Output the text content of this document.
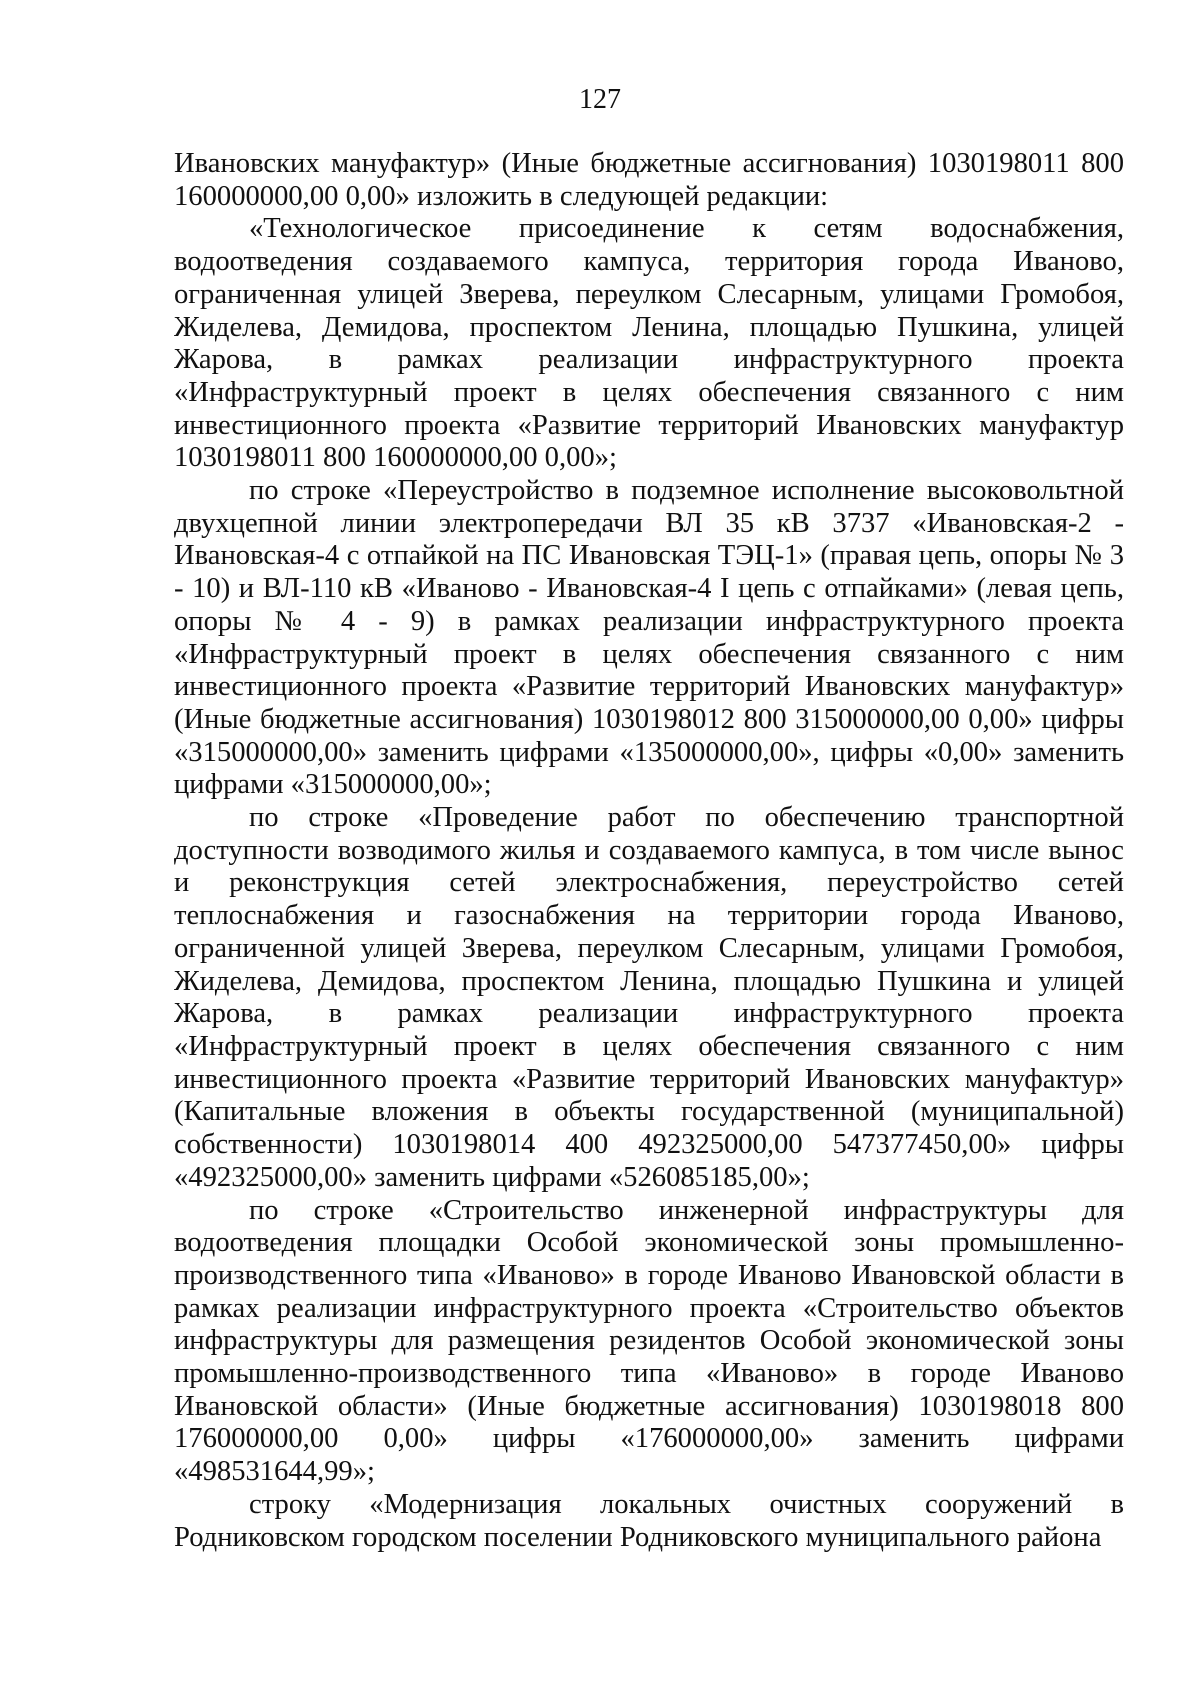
127

Ивановских мануфактур» (Иные бюджетные ассигнования) 1030198011 800 160000000,00 0,00» изложить в следующей редакции:

«Технологическое присоединение к сетям водоснабжения, водоотведения создаваемого кампуса, территория города Иваново, ограниченная улицей Зверева, переулком Слесарным, улицами Громобоя, Жиделева, Демидова, проспектом Ленина, площадью Пушкина, улицей Жарова, в рамках реализации инфраструктурного проекта «Инфраструктурный проект в целях обеспечения связанного с ним инвестиционного проекта «Развитие территорий Ивановских мануфактур 1030198011 800 160000000,00 0,00»;

по строке «Переустройство в подземное исполнение высоковольтной двухцепной линии электропередачи ВЛ 35 кВ 3737 «Ивановская-2 - Ивановская-4 с отпайкой на ПС Ивановская ТЭЦ-1» (правая цепь, опоры № 3 - 10) и ВЛ-110 кВ «Иваново - Ивановская-4 I цепь с отпайками» (левая цепь, опоры № 4 - 9) в рамках реализации инфраструктурного проекта «Инфраструктурный проект в целях обеспечения связанного с ним инвестиционного проекта «Развитие территорий Ивановских мануфактур» (Иные бюджетные ассигнования) 1030198012 800 315000000,00 0,00» цифры «315000000,00» заменить цифрами «135000000,00», цифры «0,00» заменить цифрами «315000000,00»;

по строке «Проведение работ по обеспечению транспортной доступности возводимого жилья и создаваемого кампуса, в том числе вынос и реконструкция сетей электроснабжения, переустройство сетей теплоснабжения и газоснабжения на территории города Иваново, ограниченной улицей Зверева, переулком Слесарным, улицами Громобоя, Жиделева, Демидова, проспектом Ленина, площадью Пушкина и улицей Жарова, в рамках реализации инфраструктурного проекта «Инфраструктурный проект в целях обеспечения связанного с ним инвестиционного проекта «Развитие территорий Ивановских мануфактур» (Капитальные вложения в объекты государственной (муниципальной) собственности) 1030198014 400 492325000,00 547377450,00» цифры «492325000,00» заменить цифрами «526085185,00»;

по строке «Строительство инженерной инфраструктуры для водоотведения площадки Особой экономической зоны промышленно-производственного типа «Иваново» в городе Иваново Ивановской области в рамках реализации инфраструктурного проекта «Строительство объектов инфраструктуры для размещения резидентов Особой экономической зоны промышленно-производственного типа «Иваново» в городе Иваново Ивановской области» (Иные бюджетные ассигнования) 1030198018 800 176000000,00 0,00» цифры «176000000,00» заменить цифрами «498531644,99»;

строку «Модернизация локальных очистных сооружений в Родниковском городском поселении Родниковского муниципального района
